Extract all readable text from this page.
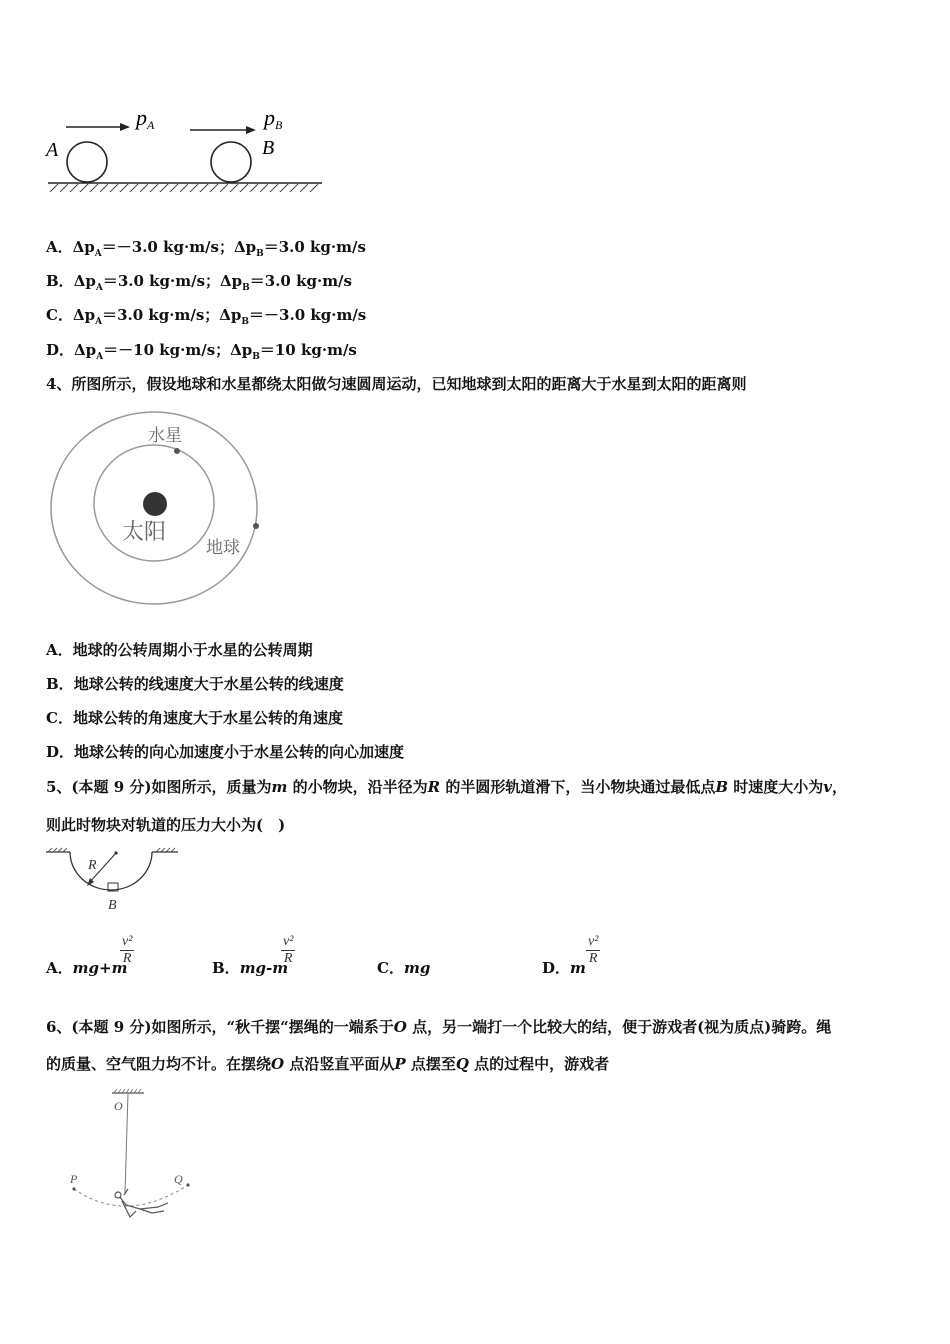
A	B
pA	pB
A．$\Delta p_A=-3.0$ kg·m/s；$\Delta p_B=3.0$ kg·m/s
B．$\Delta p_A=3.0$ kg·m/s；$\Delta p_B=3.0$ kg·m/s
C．$\Delta p_A=3.0$ kg·m/s；$\Delta p_B=-3.0$ kg·m/s
D．$\Delta p_A=-10$ kg·m/s；$\Delta p_B=10$ kg·m/s
4、所图所示，假设地球和水星都绕太阳做匀速圆周运动，已知地球到太阳的距离大于水星到太阳的距离则
水星
太阳
地球
A．地球的公转周期小于水星的公转周期
B．地球公转的线速度大于水星公转的线速度
C．地球公转的角速度大于水星公转的角速度
D．地球公转的向心加速度小于水星公转的向心加速度
5、(本题 9 分)如图所示，质量为m 的小物块，沿半径为R 的半圆形轨道滑下，当小物块通过最低点B 时速度大小为v，
则此时物块对轨道的压力大小为(　)
R
B
A．mg+m
$\frac{\text{v²}}{R}$
B．mg-m
$\frac{\text{v²}}{R}$
C．mg	D．m
$\frac{\text{v²}}{R}$
6、(本题 9 分)如图所示，“秋千摆“摆绳的一端系于O 点，另一端打一个比较大的结，便于游戏者(视为质点)骑跨。绳
的质量、空气阻力均不计。在摆绕O 点沿竖直平面从P 点摆至Q 点的过程中，游戏者
O
P	Q
